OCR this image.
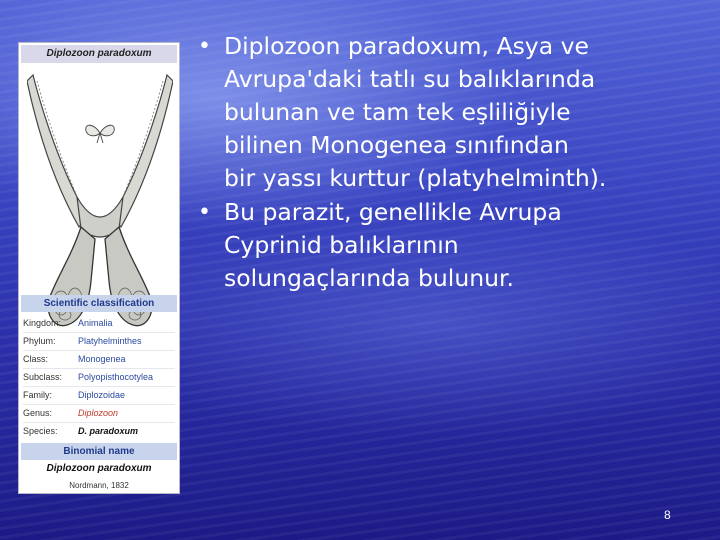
Diplozoon paradoxum
Scientific classification
Kingdom: Animalia
Phylum: Platyhelminthes
Class:	Monogenea
Subclass: Polyopisthocotylea
Family:	Diplozoidae
Genus:	Diplozoon
Species: D. paradoxum
Binomial name
Diplozoon paradoxum
Nordmann, 1832
• Diplozoon paradoxum, Asya ve
Avrupa'daki tatlı su balıklarında
bulunan ve tam tek eşliliğiyle
bilinen Monogenea sınıfından
bir yassı kurttur (platyhelminth).
• Bu parazit, genellikle Avrupa
Cyprinid balıklarının
solungaçlarında bulunur.
8
